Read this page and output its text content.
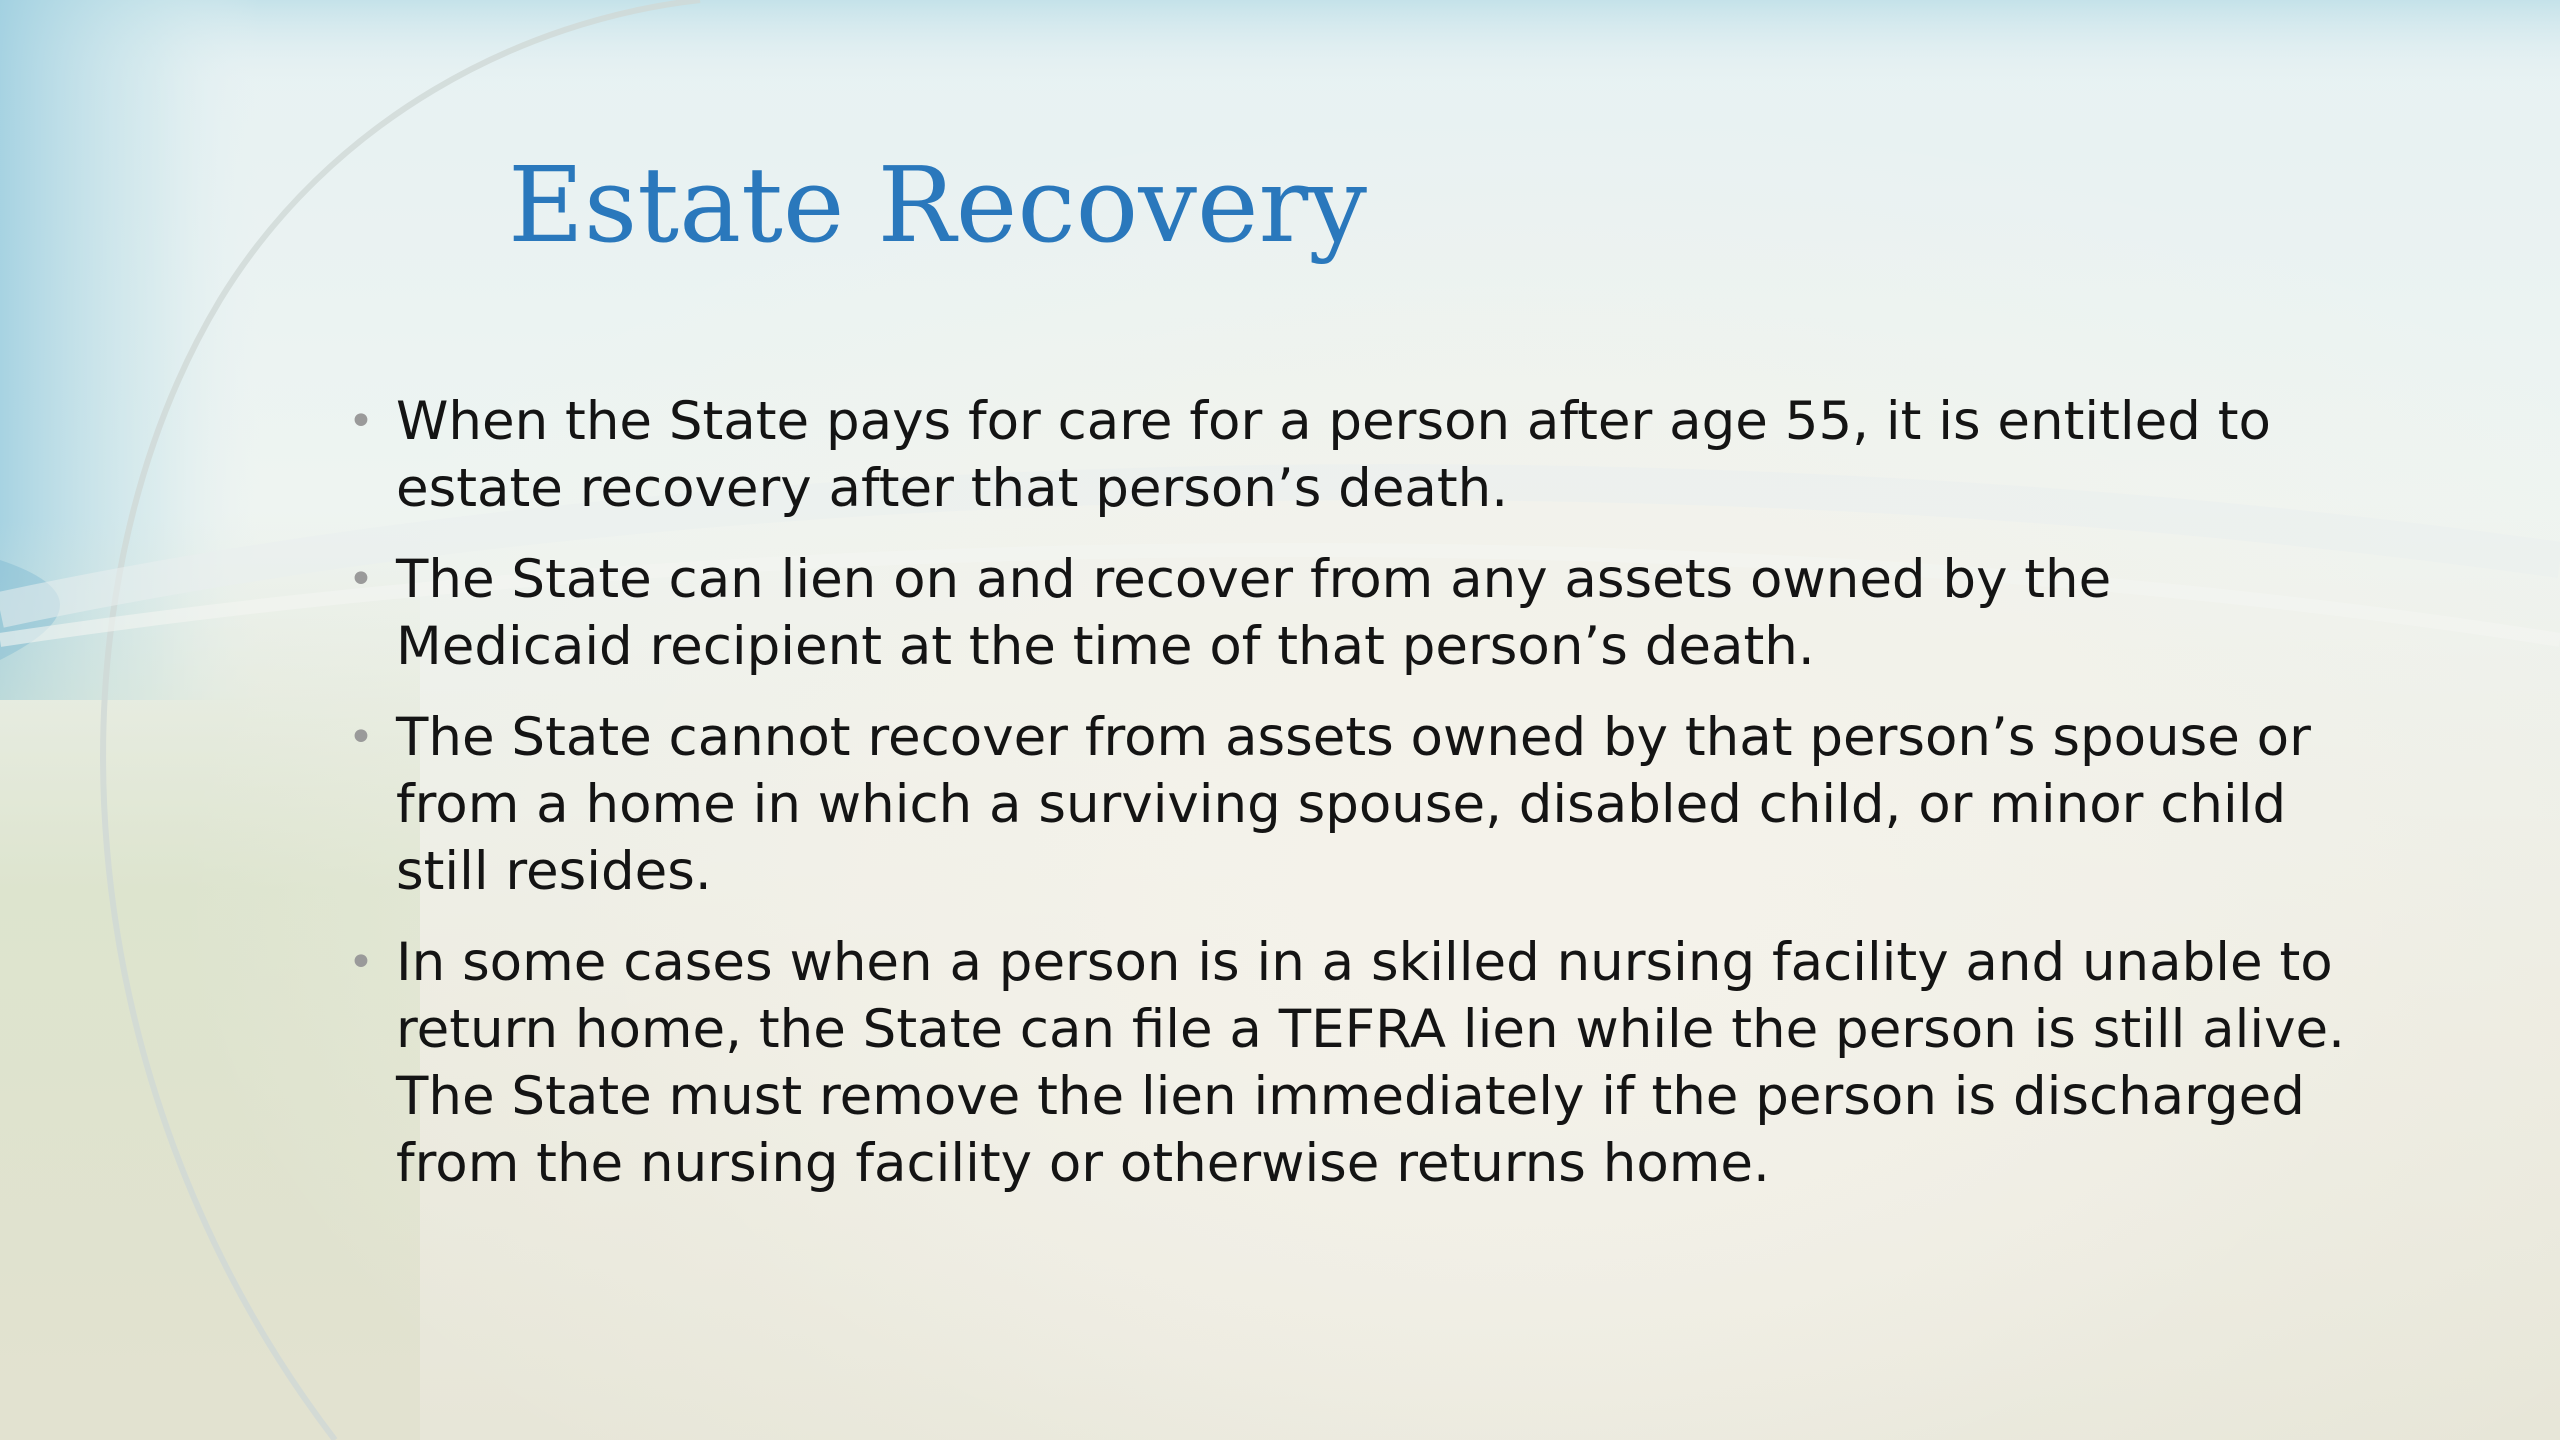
Estate Recovery
• When the State pays for care for a person after age 55, it is entitled to estate recovery after that person’s death.
• The State can lien on and recover from any assets owned by the Medicaid recipient at the time of that person’s death.
• The State cannot recover from assets owned by that person’s spouse or from a home in which a surviving spouse, disabled child, or minor child still resides.
• In some cases when a person is in a skilled nursing facility and unable to return home, the State can file a TEFRA lien while the person is still alive. The State must remove the lien immediately if the person is discharged from the nursing facility or otherwise returns home.
